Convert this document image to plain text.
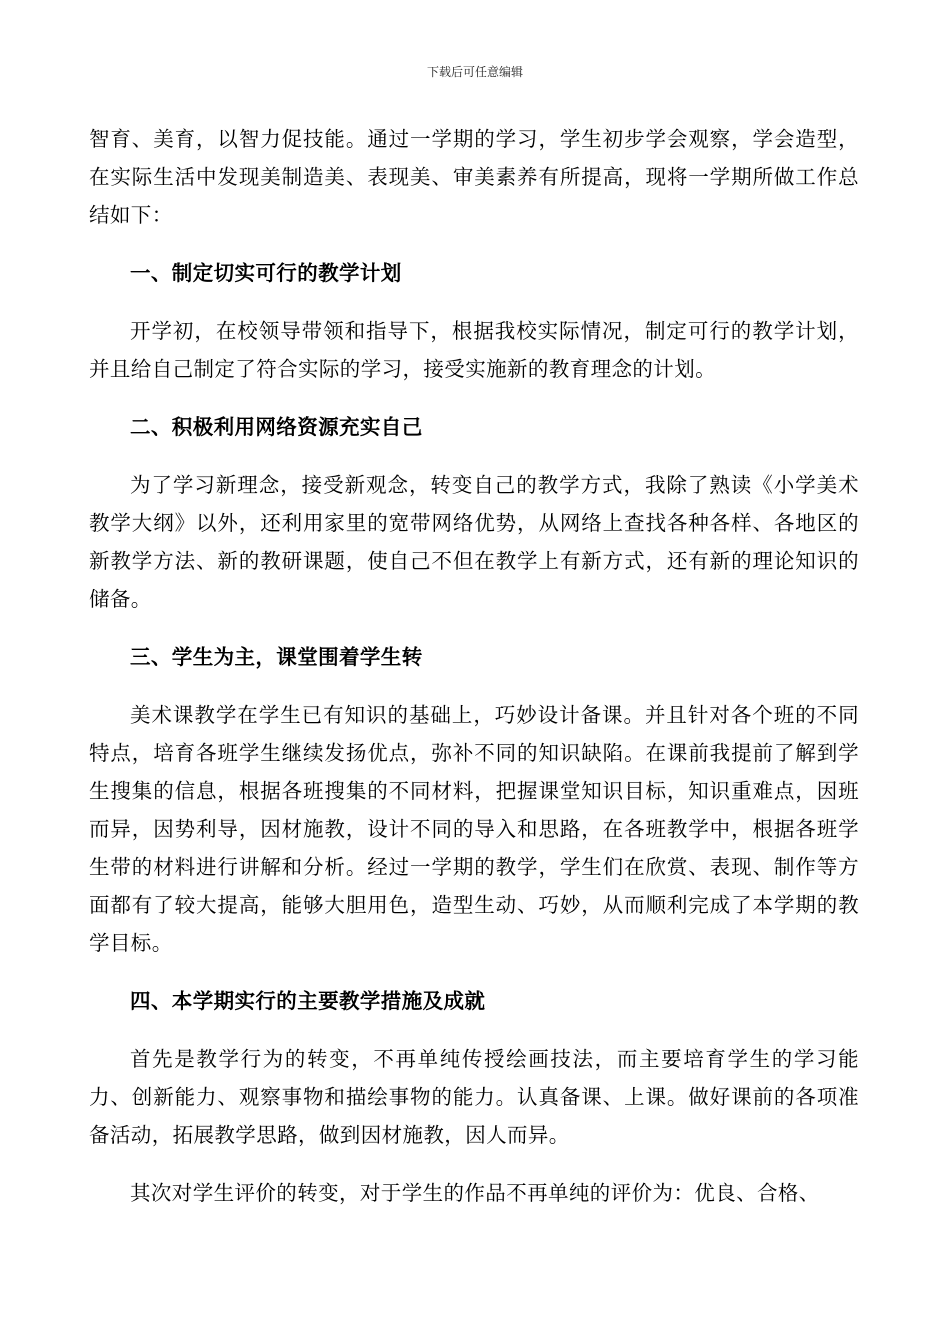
下载后可任意编辑

智育、美育，以智力促技能。通过一学期的学习，学生初步学会观察，学会造型，在实际生活中发现美制造美、表现美、审美素养有所提高，现将一学期所做工作总结如下：

一、制定切实可行的教学计划

开学初，在校领导带领和指导下，根据我校实际情况，制定可行的教学计划，并且给自己制定了符合实际的学习，接受实施新的教育理念的计划。

二、积极利用网络资源充实自己

为了学习新理念，接受新观念，转变自己的教学方式，我除了熟读《小学美术教学大纲》以外，还利用家里的宽带网络优势，从网络上查找各种各样、各地区的新教学方法、新的教研课题，使自己不但在教学上有新方式，还有新的理论知识的储备。

三、学生为主，课堂围着学生转

美术课教学在学生已有知识的基础上，巧妙设计备课。并且针对各个班的不同特点，培育各班学生继续发扬优点，弥补不同的知识缺陷。在课前我提前了解到学生搜集的信息，根据各班搜集的不同材料，把握课堂知识目标，知识重难点，因班而异，因势利导，因材施教，设计不同的导入和思路，在各班教学中，根据各班学生带的材料进行讲解和分析。经过一学期的教学，学生们在欣赏、表现、制作等方面都有了较大提高，能够大胆用色，造型生动、巧妙，从而顺利完成了本学期的教学目标。

四、本学期实行的主要教学措施及成就

首先是教学行为的转变，不再单纯传授绘画技法，而主要培育学生的学习能力、创新能力、观察事物和描绘事物的能力。认真备课、上课。做好课前的各项准备活动，拓展教学思路，做到因材施教，因人而异。

其次对学生评价的转变，对于学生的作品不再单纯的评价为：优良、合格、
